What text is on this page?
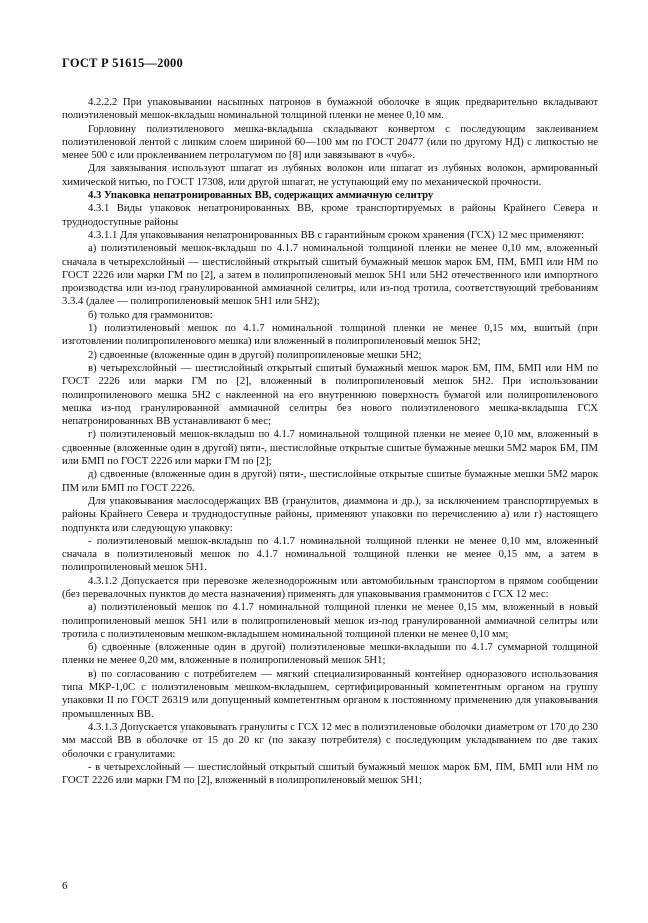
ГОСТ Р 51615—2000

4.2.2.2 При упаковывании насыпных патронов в бумажной оболочке в ящик предварительно вкладывают полиэтиленовый мешок-вкладыш номинальной толщиной пленки не менее 0,10 мм.

Горловину полиэтиленового мешка-вкладыша складывают конвертом с последующим заклеиванием полиэтиленовой лентой с липким слоем шириной 60—100 мм по ГОСТ 20477 (или по другому НД) с липкостью не менее 500 с или проклеиванием петролатумом по [8] или завязывают в «чуб».

Для завязывания используют шпагат из лубяных волокон или шпагат из лубяных волокон, армированный химической нитью, по ГОСТ 17308, или другой шпагат, не уступающий ему по механической прочности.

4.3 Упаковка непатронированных ВВ, содержащих аммиачную селитру

4.3.1 Виды упаковок непатронированных ВВ, кроме транспортируемых в районы Крайнего Севера и труднодоступные районы

4.3.1.1 Для упаковывания непатронированных ВВ с гарантийным сроком хранения (ГСХ) 12 мес применяют:

а) полиэтиленовый мешок-вкладыш по 4.1.7 номинальной толщиной пленки не менее 0,10 мм, вложенный сначала в четырехслойный — шестислойный открытый сшитый бумажный мешок марок БМ, ПМ, БМП или НМ по ГОСТ 2226 или марки ГМ по [2], а затем в полипропиленовый мешок 5Н1 или 5Н2 отечественного или импортного производства или из-под гранулированной аммиачной селитры, или из-под тротила, соответствующий требованиям 3.3.4 (далее — полипропиленовый мешок 5Н1 или 5Н2);

б) только для граммонитов:

1) полиэтиленовый мешок по 4.1.7 номинальной толщиной пленки не менее 0,15 мм, вшитый (при изготовлении полипропиленового мешка) или вложенный в полипропиленовый мешок 5Н2;

2) сдвоенные (вложенные один в другой) полипропиленовые мешки 5Н2;

в) четырехслойный — шестислойный открытый сшитый бумажный мешок марок БМ, ПМ, БМП или НМ по ГОСТ 2226 или марки ГМ по [2], вложенный в полипропиленовый мешок 5Н2. При использовании полипропиленового мешка 5Н2 с наклеенной на его внутреннюю поверхность бумагой или полипропиленового мешка из-под гранулированной аммиачной селитры без нового полиэтиленового мешка-вкладыша ГСХ непатронированных ВВ устанавливают 6 мес;

г) полиэтиленовый мешок-вкладыш по 4.1.7 номинальной толщиной пленки не менее 0,10 мм, вложенный в сдвоенные (вложенные один в другой) пяти-, шестислойные открытые сшитые бумажные мешки 5М2 марок БМ, ПМ или БМП по ГОСТ 2226 или марки ГМ по [2];

д) сдвоенные (вложенные один в другой) пяти-, шестислойные открытые сшитые бумажные мешки 5М2 марок ПМ или БМП по ГОСТ 2226.

Для упаковывания маслосодержащих ВВ (гранулитов, диаммона и др.), за исключением транспортируемых в районы Крайнего Севера и труднодоступные районы, применяют упаковки по перечислению а) или г) настоящего подпункта или следующую упаковку:

- полиэтиленовый мешок-вкладыш по 4.1.7 номинальной толщиной пленки не менее 0,10 мм, вложенный сначала в полиэтиленовый мешок по 4.1.7 номинальной толщиной пленки не менее 0,15 мм, а затем в полипропиленовый мешок 5Н1.

4.3.1.2 Допускается при перевозке железнодорожным или автомобильным транспортом в прямом сообщении (без перевалочных пунктов до места назначения) применять для упаковывания граммонитов с ГСХ 12 мес:

а) полиэтиленовый мешок по 4.1.7 номинальной толщиной пленки не менее 0,15 мм, вложенный в новый полипропиленовый мешок 5Н1 или в полипропиленовый мешок из-под гранулированной аммиачной селитры или тротила с полиэтиленовым мешком-вкладышем номинальной толщиной пленки не менее 0,10 мм;

б) сдвоенные (вложенные один в другой) полиэтиленовые мешки-вкладыши по 4.1.7 суммарной толщиной пленки не менее 0,20 мм, вложенные в полипропиленовый мешок 5Н1;

в) по согласованию с потребителем — мягкий специализированный контейнер одноразового использования типа МКР-1,0С с полиэтиленовым мешком-вкладышем, сертифицированный компетентным органом на группу упаковки II по ГОСТ 26319 или допущенный компетентным органом к постоянному применению для упаковывания промышленных ВВ.

4.3.1.3 Допускается упаковывать гранулиты с ГСХ 12 мес в полиэтиленовые оболочки диаметром от 170 до 230 мм массой ВВ в оболочке от 15 до 20 кг (по заказу потребителя) с последующим укладыванием по две таких оболочки с гранулитами:

- в четырехслойный — шестислойный открытый сшитый бумажный мешок марок БМ, ПМ, БМП или НМ по ГОСТ 2226 или марки ГМ по [2], вложенный в полипропиленовый мешок 5Н1;

6
